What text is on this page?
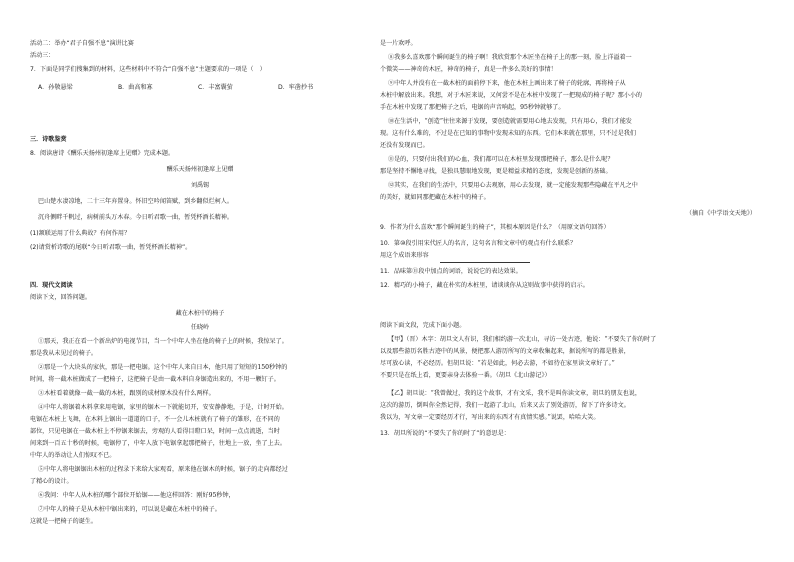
活动二：举办“君子自强不息”演讲比赛
活动三：
7．下面是同学们搜集到的材料，这些材料中不符合“自强不息”主题要求的一项是（　）
A．孙敬悬梁	B．曲高和寡	C．丰富囊萤	D．牢凿抄书
三．诗歌鉴赏
8．阅读唐诗《酬乐天扬州初逢席上见赠》完成本题。
酬乐天扬州初逢席上见赠
刘禹锡
巴山楚水凄凉地，二十三年弃置身。怀旧空吟闻笛赋，到乡翻似烂柯人。
沉舟侧畔千帆过，病树前头万木春。今日听君歌一曲，暂凭杯酒长精神。
(1)颔联运用了什么典故？有何作用？
(2)请赏析诗歌的尾联“今日听君歌一曲，暂凭杯酒长精神”。
四．现代文阅读
阅读下文，回答问题。
藏在木桩中的椅子
任晓岭
①那天，我正在看一个新出炉的电视节目，当一个中年人坐在他的椅子上的时候，我惊呆了。
那是我从未见过的椅子。
②那是一个大块头的家伙，那是一把电锯。这个中年人来自日本，他只用了短短的150秒钟的
时间，将一截木桩做成了一把椅子，这把椅子是由一截木料自身锯造出来的，不用一颗钉子。
③木桩看着就像一截一截的木桩，跟别的成材原木没有什么两样。
④中年人将锯着木料拿来用电锯，家里的锯木一下就能切开，安安静静地，于是，计时开始。
电锯在木桩上飞舞，在木料上锯出一道道的口子，不一会儿木桩就有了椅子的雏形，在不同的
部位，只见电锯在一截木桩上不停锯来锯去，旁观的人看得目瞪口呆，时间一点点流逝，当时
间来到一百五十秒的时候，电锯停了，中年人放下电锯拿起那把椅子，往地上一放，坐了上去。
中年人的举动让人们惊叹不已。
⑤中年人将电锯锯出木桩的过程录下来给大家观看，原来他在锯木的时候，锯子的走向都经过
了精心的设计。
⑥我问：中年人从木桩的哪个部位开始锯——他这样回答：刚好95秒钟，
⑦中年人的椅子是从木桩中锯出来的，可以说是藏在木桩中的椅子。
这就是一把椅子的诞生。
是一片欢呼。
⑧我多么喜欢那个瞬间诞生的椅子啊！我欣赏那个木匠坐在椅子上的那一刻，脸上洋溢着一
个微笑——神奇的木匠，神奇的椅子，真是一件多么美好的事情！
⑨中年人并没有在一截木桩的面前停下来，他在木桩上画出来了椅子的轮廓，再将椅子从
木桩中解放出来。我想，对于木匠来说，又何尝不是在木桩中发现了一把现成的椅子呢？那小小的
手在木桩中发现了那把椅子之后，电锯的声音响起，95秒钟就够了。
⑩在生活中，“创造”往往来源于发现，要创造就需要用心地去发现，只有用心，我们才能发
现。这有什么难的，不过是在已知的事物中发现未知的东西。它们本来就在那里，只不过是我们
还没有发现而已。
⑪是的，只要付出我们的心血，我们都可以在木桩里发现那把椅子，那么是什么呢？
那是坚持不懈地寻找，是独具慧眼地发现，更是精益求精的态度，发现是创新的基础。
⑫其实，在我们的生活中，只要用心去观察，用心去发现，就一定能发现那些隐藏在平凡之中
的美好，就如同那把藏在木桩中的椅子。
（摘自《中学语文天地》）
9．作者为什么喜欢“那个瞬间诞生的椅子”，其根本原因是什么？（用原文语句回答）
10．第⑩段引用宋代匠人的名言，这句名言和文章中的观点有什么联系？
用这个成语来形容
11．品味第⑪段中加点的词语，说说它的表达效果。
12．精巧的小椅子，藏在朴实的木桩里，请谈谈你从这则故事中获得的启示。
阅读下面文段，完成下面小题。
【甲】（晋）木字：胡旦文人有识，我们相约游一次北山，寻访一处古迹，他说：“不要失了你的时了
以及那些游历名胜古迹中的风景，便把那人游历所写的文章收集起来，据说所写的都是胜景，
尽可放心读，不必经历。但胡旦说：“若是如此，何必去游，不如待在家里读文章好了。”
不要只是在纸上看，更要亲身去体验一番。（胡旦《北山游记》）
【乙】胡旦说：“我曾做过，我的这个故事，才有文采，我不是叫你读文章，胡旦的朋友也说，
这次的游历，倒叫你全然记得，我们一起游了北山，后来又去了别处游历，留下了许多诗文。
我以为，写文章一定要经历才行，写出来的东西才有真情实感。”说罢，哈哈大笑。
13．胡旦所说的“不要失了你的时了”的意思是：
